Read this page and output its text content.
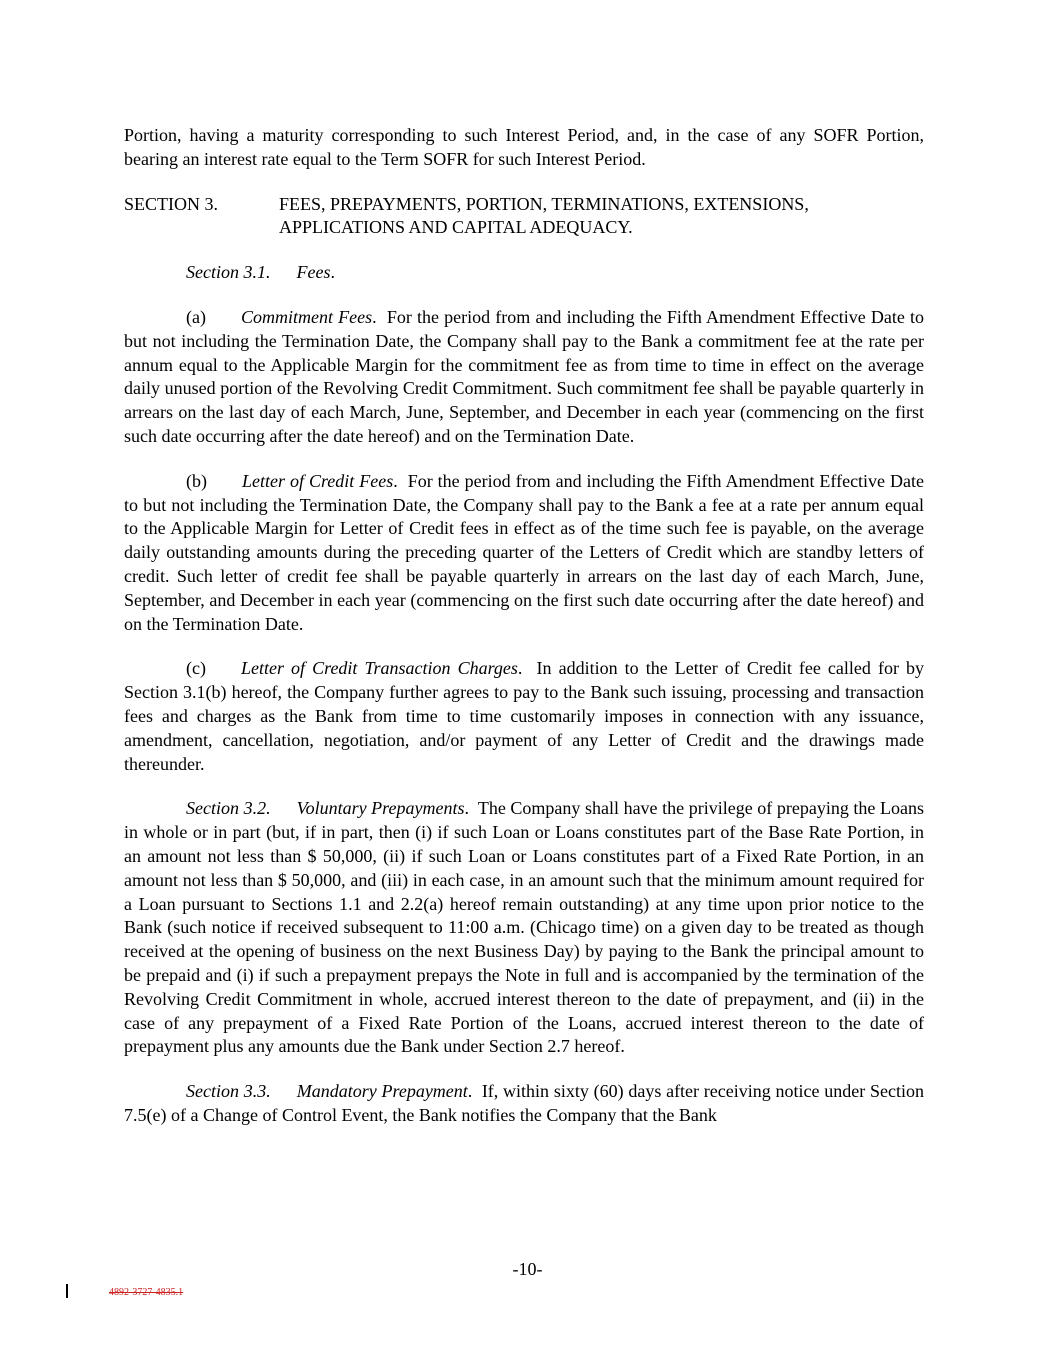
Portion, having a maturity corresponding to such Interest Period, and, in the case of any SOFR Portion, bearing an interest rate equal to the Term SOFR for such Interest Period.

SECTION 3.	FEES, PREPAYMENTS, PORTION, TERMINATIONS, EXTENSIONS, APPLICATIONS AND CAPITAL ADEQUACY.

Section 3.1. Fees.

(a) Commitment Fees.  For the period from and including the Fifth Amendment Effective Date to but not including the Termination Date, the Company shall pay to the Bank a commitment fee at the rate per annum equal to the Applicable Margin for the commitment fee as from time to time in effect on the average daily unused portion of the Revolving Credit Commitment. Such commitment fee shall be payable quarterly in arrears on the last day of each March, June, September, and December in each year (commencing on the first such date occurring after the date hereof) and on the Termination Date.

(b) Letter of Credit Fees.  For the period from and including the Fifth Amendment Effective Date to but not including the Termination Date, the Company shall pay to the Bank a fee at a rate per annum equal to the Applicable Margin for Letter of Credit fees in effect as of the time such fee is payable, on the average daily outstanding amounts during the preceding quarter of the Letters of Credit which are standby letters of credit. Such letter of credit fee shall be payable quarterly in arrears on the last day of each March, June, September, and December in each year (commencing on the first such date occurring after the date hereof) and on the Termination Date.

(c) Letter of Credit Transaction Charges.  In addition to the Letter of Credit fee called for by Section 3.1(b) hereof, the Company further agrees to pay to the Bank such issuing, processing and transaction fees and charges as the Bank from time to time customarily imposes in connection with any issuance, amendment, cancellation, negotiation, and/or payment of any Letter of Credit and the drawings made thereunder.

Section 3.2. Voluntary Prepayments.  The Company shall have the privilege of prepaying the Loans in whole or in part (but, if in part, then (i) if such Loan or Loans constitutes part of the Base Rate Portion, in an amount not less than $ 50,000, (ii) if such Loan or Loans constitutes part of a Fixed Rate Portion, in an amount not less than $ 50,000, and (iii) in each case, in an amount such that the minimum amount required for a Loan pursuant to Sections 1.1 and 2.2(a) hereof remain outstanding) at any time upon prior notice to the Bank (such notice if received subsequent to 11:00 a.m. (Chicago time) on a given day to be treated as though received at the opening of business on the next Business Day) by paying to the Bank the principal amount to be prepaid and (i) if such a prepayment prepays the Note in full and is accompanied by the termination of the Revolving Credit Commitment in whole, accrued interest thereon to the date of prepayment, and (ii) in the case of any prepayment of a Fixed Rate Portion of the Loans, accrued interest thereon to the date of prepayment plus any amounts due the Bank under Section 2.7 hereof.

Section 3.3. Mandatory Prepayment.  If, within sixty (60) days after receiving notice under Section 7.5(e) of a Change of Control Event, the Bank notifies the Company that the Bank

-10-
4892-3727-4835.1
